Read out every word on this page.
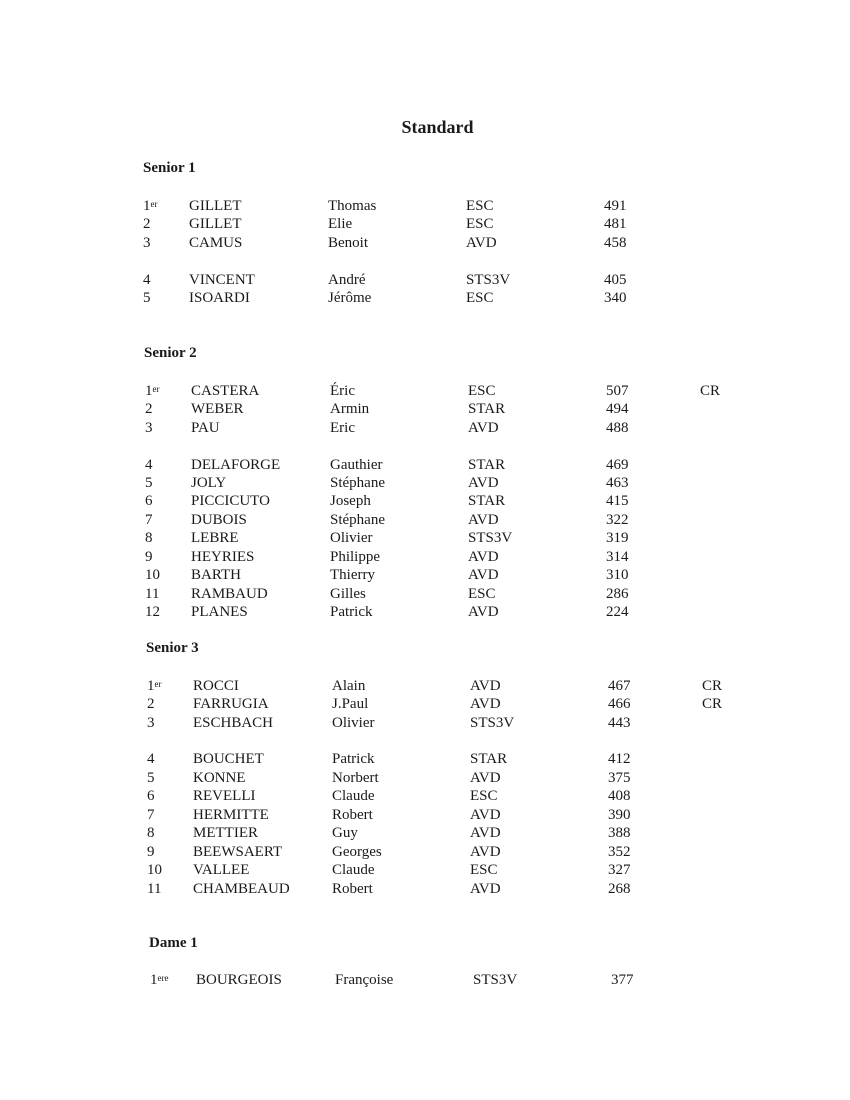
Standard
Senior 1
1er GILLET	Thomas	ESC	491
2	GILLET	Elie	ESC	481
3	CAMUS	Benoit	AVD	458
4	VINCENT	André	STS3V	405
5	ISOARDI	Jérôme	ESC	340
Senior 2
1er CASTERA	Éric	ESC	507	CR
2	WEBER	Armin	STAR	494
3	PAU	Eric	AVD	488
4	DELAFORGE	Gauthier	STAR	469
5	JOLY	Stéphane	AVD	463
6	PICCICUTO	Joseph	STAR	415
7	DUBOIS	Stéphane	AVD	322
8	LEBRE	Olivier	STS3V	319
9	HEYRIES	Philippe	AVD	314
10 BARTH	Thierry	AVD	310
11 RAMBAUD	Gilles	ESC	286
12 PLANES	Patrick	AVD	224
Senior 3
1er ROCCI	Alain	AVD	467	CR
2	FARRUGIA	J.Paul	AVD	466	CR
3	ESCHBACH	Olivier	STS3V	443
4	BOUCHET	Patrick	STAR	412
5	KONNE	Norbert	AVD	375
6	REVELLI	Claude	ESC	408
7	HERMITTE	Robert	AVD	390
8	METTIER	Guy	AVD	388
9	BEEWSAERT	Georges	AVD	352
10 VALLEE	Claude	ESC	327
11 CHAMBEAUD	Robert	AVD	268
Dame 1
1ere BOURGEOIS	Françoise	STS3V	377
